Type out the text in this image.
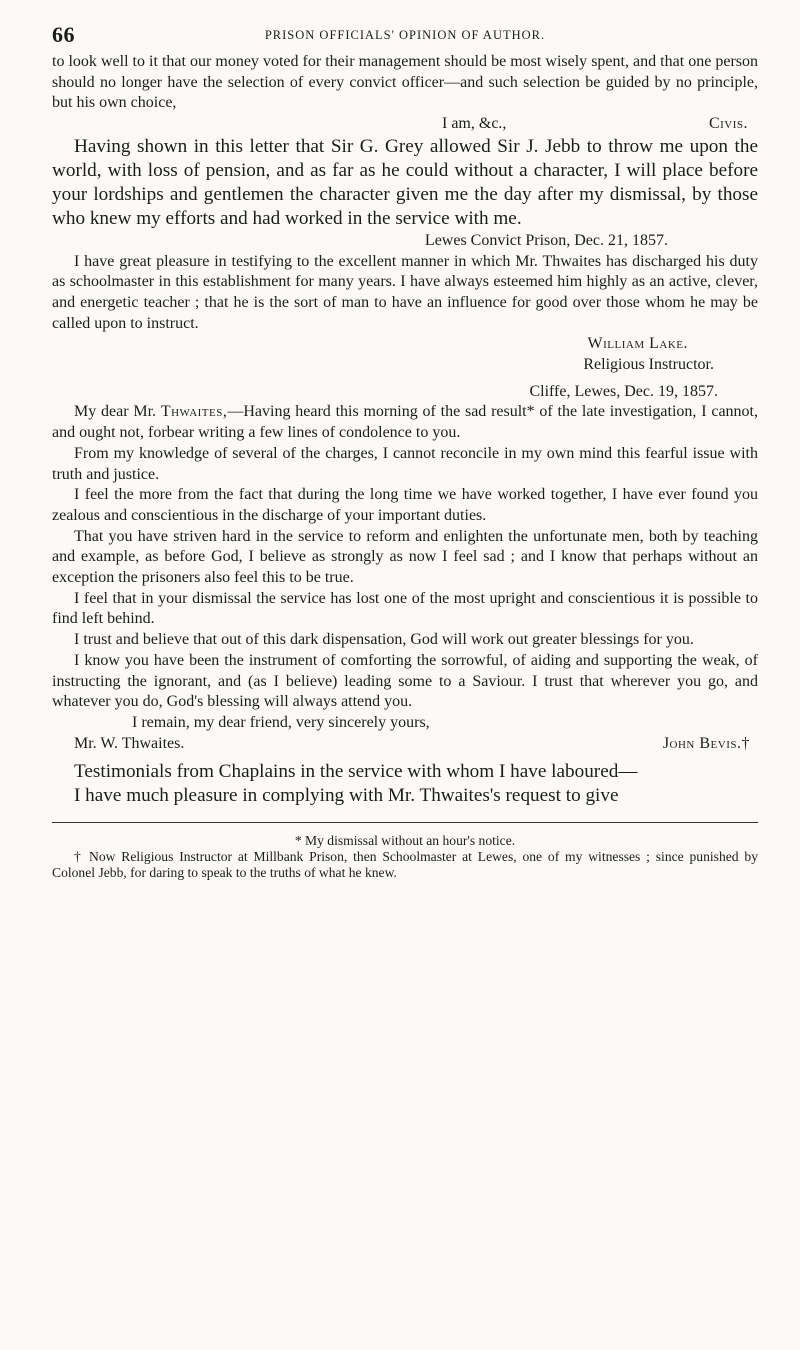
66	PRISON OFFICIALS' OPINION OF AUTHOR.

to look well to it that our money voted for their management should be most wisely spent, and that one person should no longer have the selection of every convict officer—and such selection be guided by no principle, but his own choice,

I am, &c.,	Civis.

Having shown in this letter that Sir G. Grey allowed Sir J. Jebb to throw me upon the world, with loss of pension, and as far as he could without a character, I will place before your lordships and gentlemen the character given me the day after my dismissal, by those who knew my efforts and had worked in the service with me.

Lewes Convict Prison, Dec. 21, 1857.

I have great pleasure in testifying to the excellent manner in which Mr. Thwaites has discharged his duty as schoolmaster in this establishment for many years. I have always esteemed him highly as an active, clever, and energetic teacher ; that he is the sort of man to have an influence for good over those whom he may be called upon to instruct.

William Lake.
Religious Instructor.
Cliffe, Lewes, Dec. 19, 1857.

My dear Mr. Thwaites,—Having heard this morning of the sad result* of the late investigation, I cannot, and ought not, forbear writing a few lines of condolence to you.

From my knowledge of several of the charges, I cannot reconcile in my own mind this fearful issue with truth and justice.

I feel the more from the fact that during the long time we have worked together, I have ever found you zealous and conscientious in the discharge of your important duties.

That you have striven hard in the service to reform and enlighten the unfortunate men, both by teaching and example, as before God, I believe as strongly as now I feel sad ; and I know that perhaps without an exception the prisoners also feel this to be true.

I feel that in your dismissal the service has lost one of the most upright and conscientious it is possible to find left behind.

I trust and believe that out of this dark dispensation, God will work out greater blessings for you.

I know you have been the instrument of comforting the sorrowful, of aiding and supporting the weak, of instructing the ignorant, and (as I believe) leading some to a Saviour. I trust that wherever you go, and whatever you do, God's blessing will always attend you.

I remain, my dear friend, very sincerely yours,
Mr. W. Thwaites.	John Bevis.†

Testimonials from Chaplains in the service with whom I have laboured—

I have much pleasure in complying with Mr. Thwaites's request to give

* My dismissal without an hour's notice.

† Now Religious Instructor at Millbank Prison, then Schoolmaster at Lewes, one of my witnesses ; since punished by Colonel Jebb, for daring to speak to the truths of what he knew.
